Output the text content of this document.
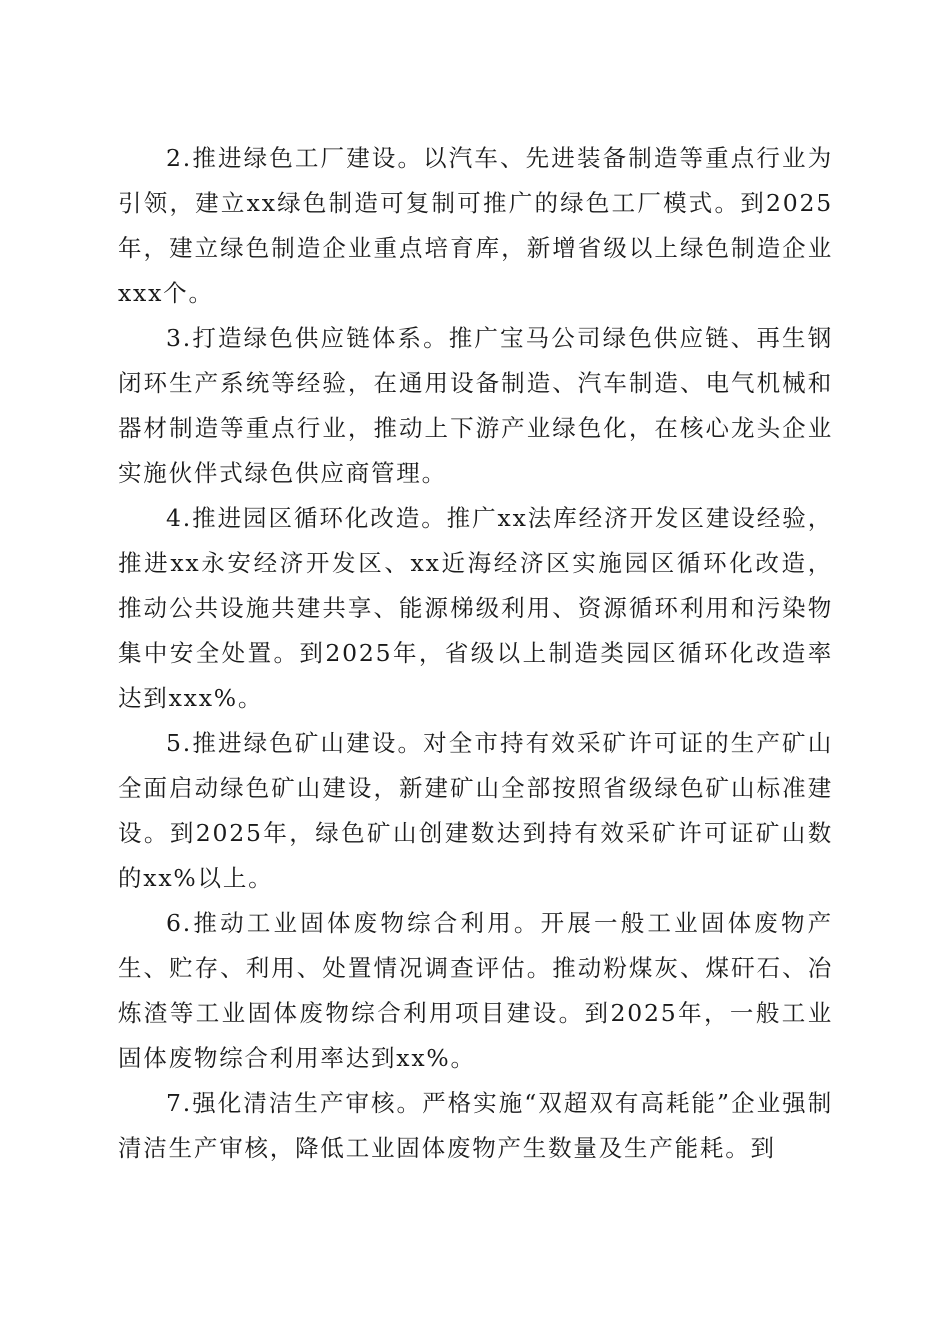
2.推进绿色工厂建设。以汽车、先进装备制造等重点行业为引领，建立xx绿色制造可复制可推广的绿色工厂模式。到2025年，建立绿色制造企业重点培育库，新增省级以上绿色制造企业xxx个。

3.打造绿色供应链体系。推广宝马公司绿色供应链、再生钢闭环生产系统等经验，在通用设备制造、汽车制造、电气机械和器材制造等重点行业，推动上下游产业绿色化，在核心龙头企业实施伙伴式绿色供应商管理。

4.推进园区循环化改造。推广xx法库经济开发区建设经验，推进xx永安经济开发区、xx近海经济区实施园区循环化改造，推动公共设施共建共享、能源梯级利用、资源循环利用和污染物集中安全处置。到2025年，省级以上制造类园区循环化改造率达到xxx%。

5.推进绿色矿山建设。对全市持有效采矿许可证的生产矿山全面启动绿色矿山建设，新建矿山全部按照省级绿色矿山标准建设。到2025年，绿色矿山创建数达到持有效采矿许可证矿山数的xx%以上。

6.推动工业固体废物综合利用。开展一般工业固体废物产生、贮存、利用、处置情况调查评估。推动粉煤灰、煤矸石、冶炼渣等工业固体废物综合利用项目建设。到2025年，一般工业固体废物综合利用率达到xx%。

7.强化清洁生产审核。严格实施“双超双有高耗能”企业强制清洁生产审核，降低工业固体废物产生数量及生产能耗。到
